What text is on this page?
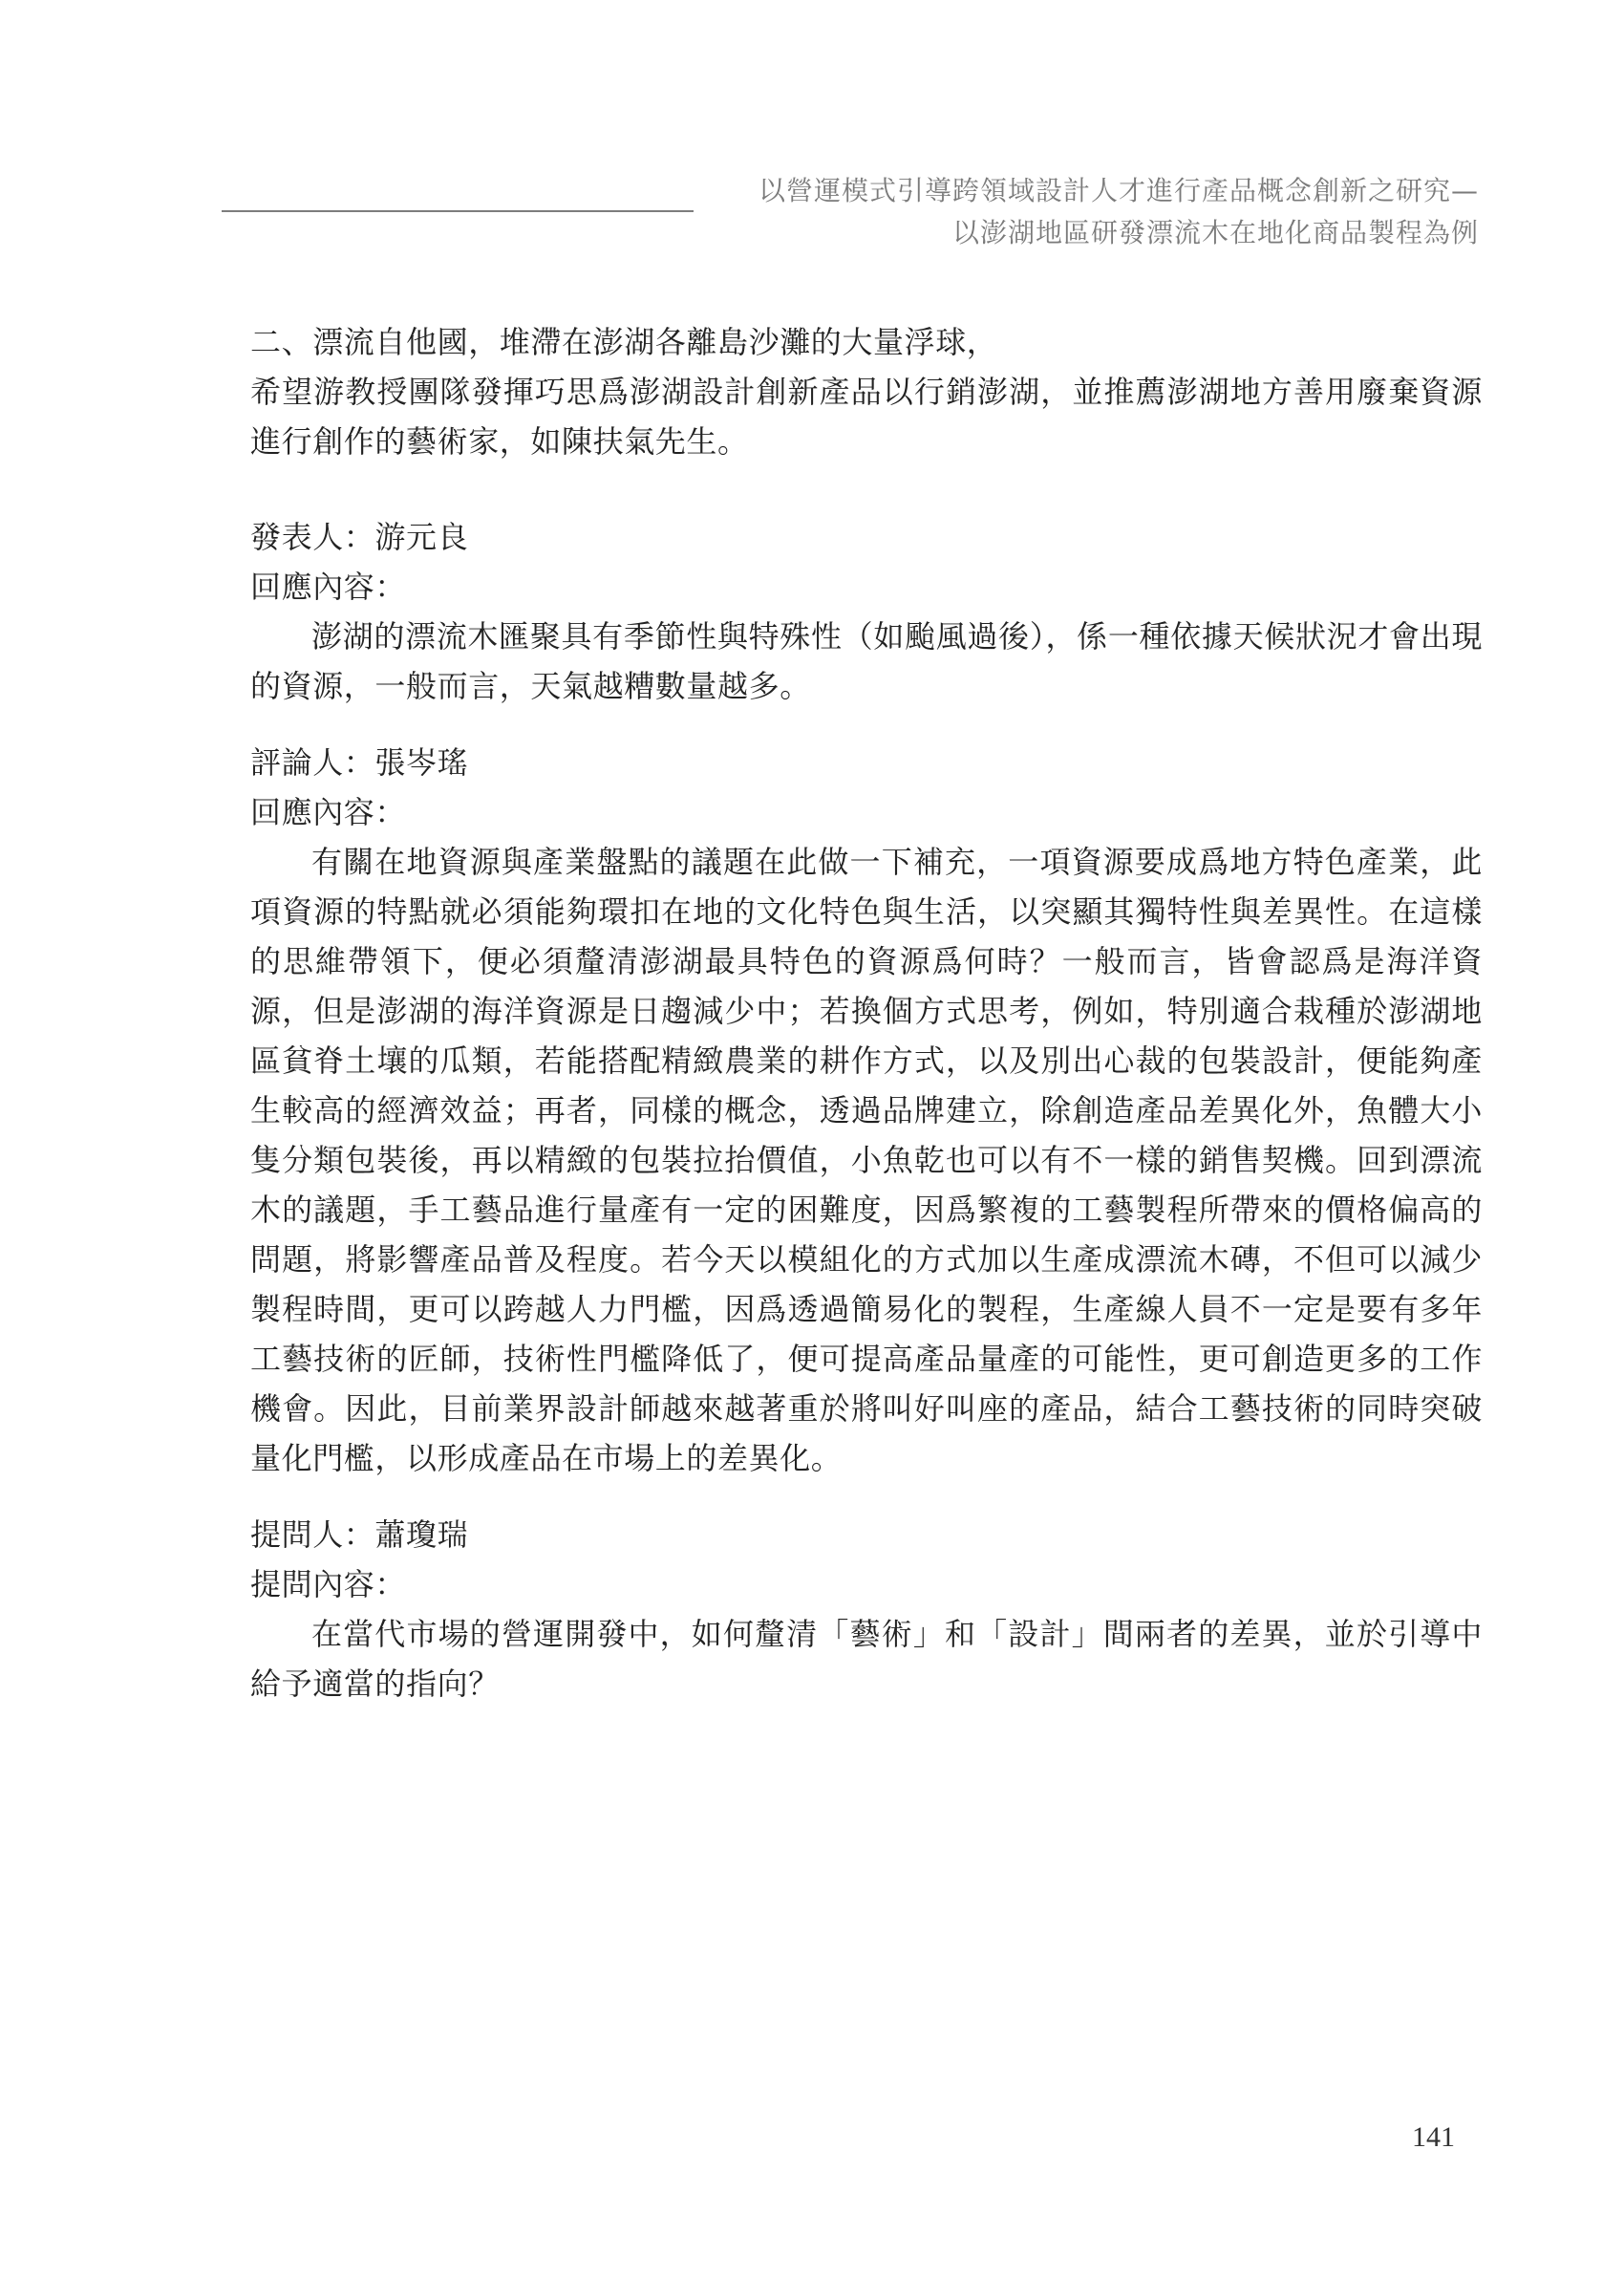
以營運模式引導跨領域設計人才進行產品概念創新之研究—
以澎湖地區研發漂流木在地化商品製程為例

二、漂流自他國，堆滯在澎湖各離島沙灘的大量浮球，

希望游教授團隊發揮巧思爲澎湖設計創新產品以行銷澎湖，並推薦澎湖地方善用廢棄資源進行創作的藝術家，如陳扶氣先生。

發表人：游元良

回應內容：

澎湖的漂流木匯聚具有季節性與特殊性（如颱風過後），係一種依據天候狀況才會出現的資源，一般而言，天氣越糟數量越多。

評論人：張岑瑤

回應內容：

有關在地資源與產業盤點的議題在此做一下補充，一項資源要成爲地方特色產業，此項資源的特點就必須能夠環扣在地的文化特色與生活，以突顯其獨特性與差異性。在這樣的思維帶領下，便必須釐清澎湖最具特色的資源爲何時？一般而言，皆會認爲是海洋資源，但是澎湖的海洋資源是日趨減少中；若換個方式思考，例如，特別適合栽種於澎湖地區貧脊土壤的瓜類，若能搭配精緻農業的耕作方式，以及別出心裁的包裝設計，便能夠產生較高的經濟效益；再者，同樣的概念，透過品牌建立，除創造產品差異化外，魚體大小隻分類包裝後，再以精緻的包裝拉抬價值，小魚乾也可以有不一樣的銷售契機。回到漂流木的議題，手工藝品進行量產有一定的困難度，因爲繁複的工藝製程所帶來的價格偏高的問題，將影響產品普及程度。若今天以模組化的方式加以生產成漂流木磚，不但可以減少製程時間，更可以跨越人力門檻，因爲透過簡易化的製程，生產線人員不一定是要有多年工藝技術的匠師，技術性門檻降低了，便可提高產品量產的可能性，更可創造更多的工作機會。因此，目前業界設計師越來越著重於將叫好叫座的產品，結合工藝技術的同時突破量化門檻，以形成產品在市場上的差異化。

提問人：蕭瓊瑞

提問內容：

在當代市場的營運開發中，如何釐清「藝術」和「設計」間兩者的差異，並於引導中給予適當的指向？

141
